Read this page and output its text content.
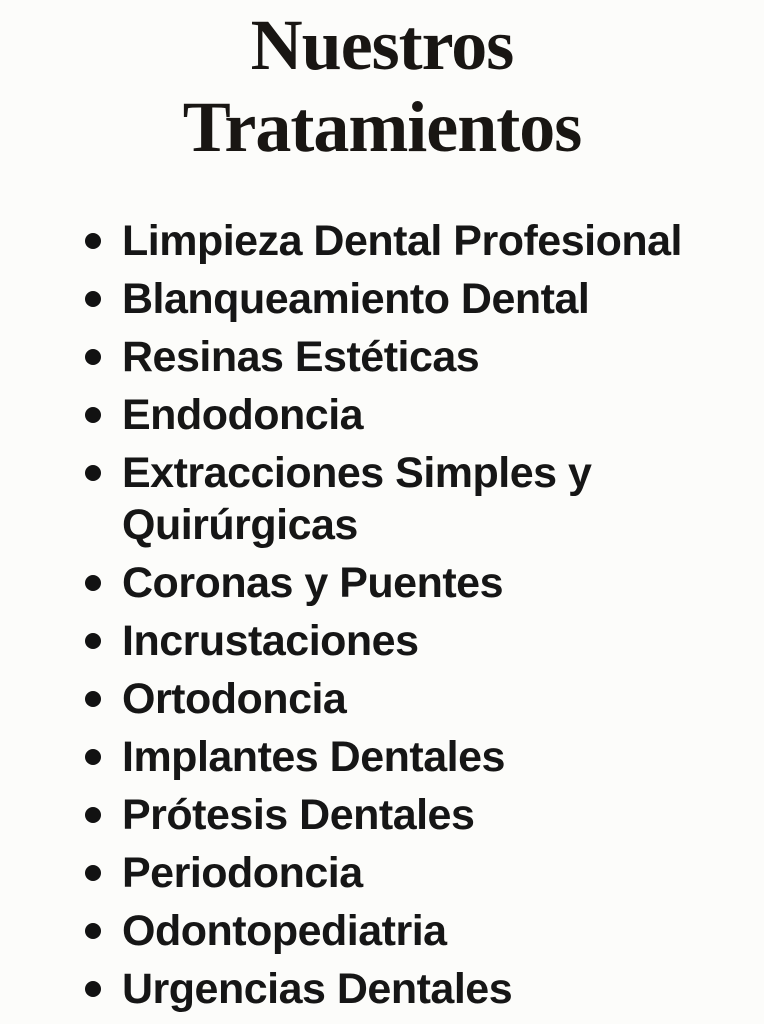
Nuestros
Tratamientos
Limpieza Dental Profesional
Blanqueamiento Dental
Resinas Estéticas
Endodoncia
Extracciones Simples y Quirúrgicas
Coronas y Puentes
Incrustaciones
Ortodoncia
Implantes Dentales
Prótesis Dentales
Periodoncia
Odontopediatria
Urgencias Dentales
